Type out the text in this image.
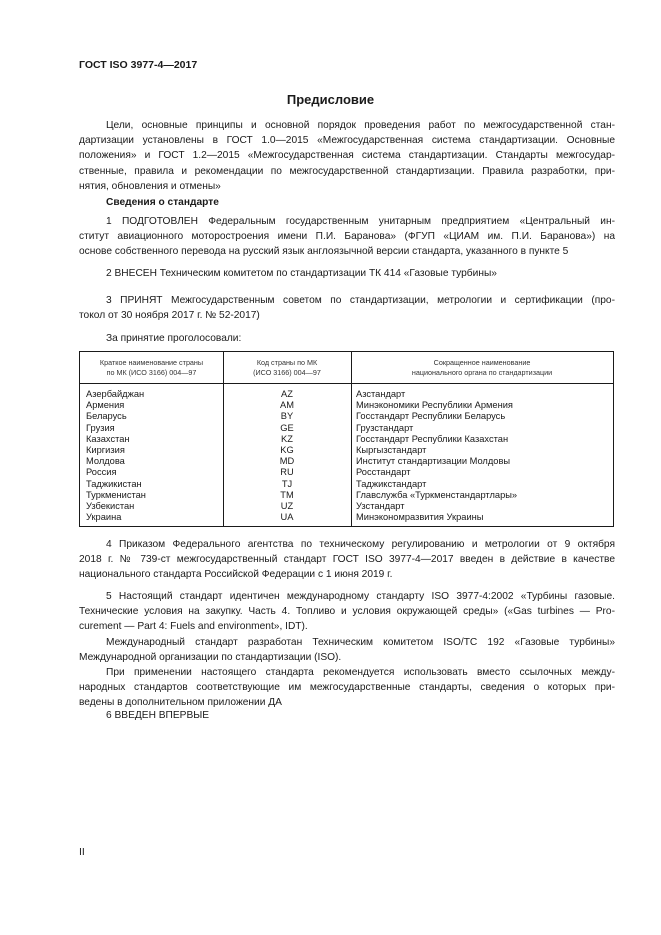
ГОСТ ISO 3977-4—2017
Предисловие
Цели, основные принципы и основной порядок проведения работ по межгосударственной стан-
дартизации установлены в ГОСТ 1.0—2015 «Межгосударственная система стандартизации. Основные
положения» и ГОСТ 1.2—2015 «Межгосударственная система стандартизации. Стандарты межгосудар-
ственные, правила и рекомендации по межгосударственной стандартизации. Правила разработки, при-
нятия, обновления и отмены»
Сведения о стандарте
1 ПОДГОТОВЛЕН Федеральным государственным унитарным предприятием «Центральный ин-
ститут авиационного моторостроения имени П.И. Баранова» (ФГУП «ЦИАМ им. П.И. Баранова») на
основе собственного перевода на русский язык англоязычной версии стандарта, указанного в пункте 5
2 ВНЕСЕН Техническим комитетом по стандартизации ТК 414 «Газовые турбины»
3 ПРИНЯТ Межгосударственным советом по стандартизации, метрологии и сертификации (про-
токол от 30 ноября 2017 г. № 52-2017)
За принятие проголосовали:
Краткое наименование страны
по МК (ИСО 3166) 004—97
Код страны по МК
(ИСО 3166) 004—97
Сокращенное наименование
национального органа по стандартизации
Азербайджан	AZ	Азстандарт
Армения	AM	Минэкономики Республики Армения
Беларусь	BY	Госстандарт Республики Беларусь
Грузия	GE	Грузстандарт
Казахстан	KZ	Госстандарт Республики Казахстан
Киргизия	KG	Кыргызстандарт
Молдова	MD	Институт стандартизации Молдовы
Россия	RU	Росстандарт
Таджикистан	TJ	Таджикстандарт
Туркменистан	TM	Главслужба «Туркменстандартлары»
Узбекистан	UZ	Узстандарт
Украина	UA	Минэкономразвития Украины
4 Приказом Федерального агентства по техническому регулированию и метрологии от 9 октября
2018 г. № 739-ст межгосударственный стандарт ГОСТ ISO 3977-4—2017 введен в действие в качестве
национального стандарта Российской Федерации с 1 июня 2019 г.
5 Настоящий стандарт идентичен международному стандарту ISO 3977-4:2002 «Турбины газовые.
Технические условия на закупку. Часть 4. Топливо и условия окружающей среды» («Gas turbines — Pro-
curement — Part 4: Fuels and environment», IDT).
Международный стандарт разработан Техническим комитетом ISO/TC 192 «Газовые турбины»
Международной организации по стандартизации (ISO).
При применении настоящего стандарта рекомендуется использовать вместо ссылочных между-
народных стандартов соответствующие им межгосударственные стандарты, сведения о которых при-
ведены в дополнительном приложении ДА
6 ВВЕДЕН ВПЕРВЫЕ
II
